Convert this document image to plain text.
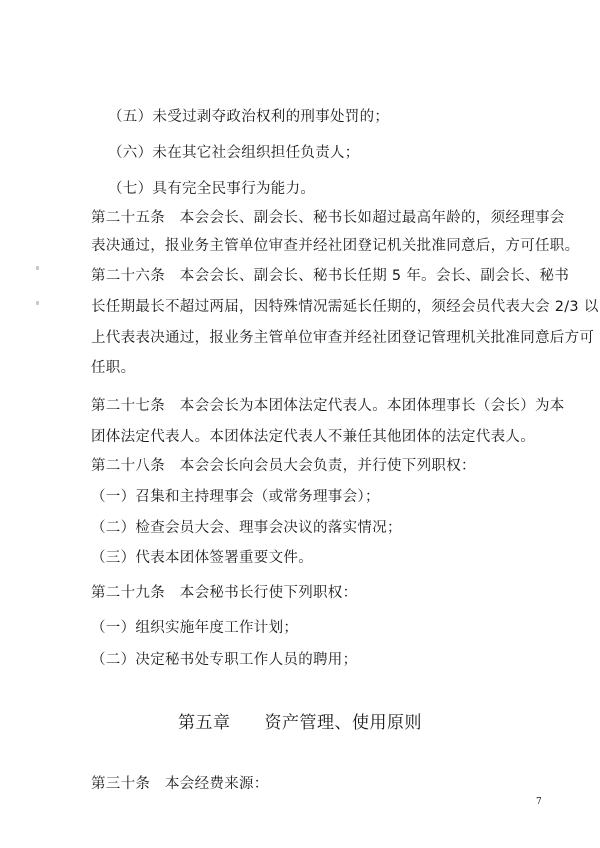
（五）未受过剥夺政治权利的刑事处罚的；
（六）未在其它社会组织担任负责人；
（七）具有完全民事行为能力。
第二十五条　本会会长、副会长、秘书长如超过最高年龄的，须经理事会
表决通过，报业务主管单位审查并经社团登记机关批准同意后，方可任职。
第二十六条　本会会长、副会长、秘书长任期 5 年。会长、副会长、秘书
长任期最长不超过两届，因特殊情况需延长任期的，须经会员代表大会 2/3 以
上代表表决通过，报业务主管单位审查并经社团登记管理机关批准同意后方可
任职。
第二十七条　本会会长为本团体法定代表人。本团体理事长（会长）为本
团体法定代表人。本团体法定代表人不兼任其他团体的法定代表人。
第二十八条　本会会长向会员大会负责，并行使下列职权：
（一）召集和主持理事会（或常务理事会）；
（二）检查会员大会、理事会决议的落实情况；
（三）代表本团体签署重要文件。
第二十九条　本会秘书长行使下列职权：
（一）组织实施年度工作计划；
（二）决定秘书处专职工作人员的聘用；
第五章 资产管理、使用原则
第三十条　本会经费来源：
7
